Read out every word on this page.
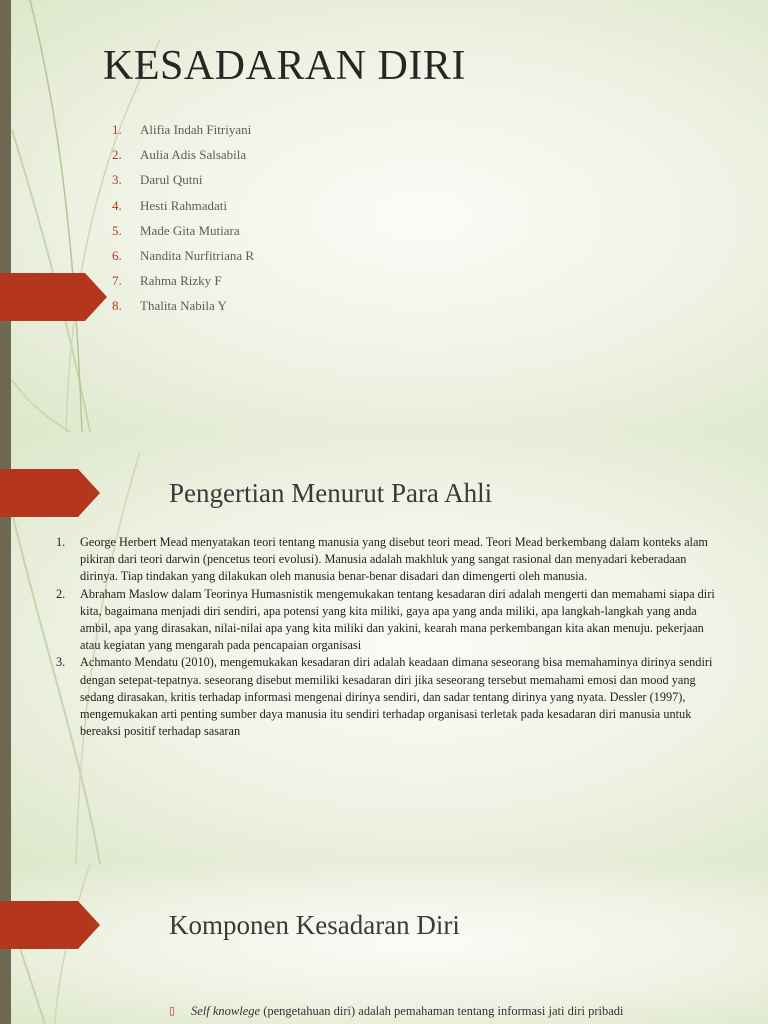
KESADARAN DIRI
1.	Alifia Indah Fitriyani
2.	Aulia Adis Salsabila
3.	Darul Qutni
4.	Hesti Rahmadati
5.	Made Gita Mutiara
6.	Nandita Nurfitriana R
7.	Rahma Rizky F
8.	Thalita Nabila Y
Pengertian Menurut Para Ahli
1.	George Herbert Mead menyatakan teori tentang manusia yang disebut teori mead. Teori Mead berkembang dalam konteks alam pikiran dari teori darwin (pencetus teori evolusi). Manusia adalah makhluk yang sangat rasional dan menyadari keberadaan dirinya. Tiap tindakan yang dilakukan oleh manusia benar-benar disadari dan dimengerti oleh manusia.
2.	Abraham Maslow dalam Teorinya Humasnistik mengemukakan tentang kesadaran diri adalah mengerti dan memahami siapa diri kita, bagaimana menjadi diri sendiri, apa potensi yang kita miliki, gaya apa yang anda miliki, apa langkah-langkah yang anda ambil, apa yang dirasakan, nilai-nilai apa yang kita miliki dan yakini, kearah mana perkembangan kita akan menuju. pekerjaan atau kegiatan yang mengarah pada pencapaian organisasi
3.	Achmanto Mendatu (2010), mengemukakan kesadaran diri adalah keadaan dimana seseorang bisa memahaminya dirinya sendiri dengan setepat-tepatnya. seseorang disebut memiliki kesadaran diri jika seseorang tersebut memahami emosi dan mood yang sedang dirasakan, kritis terhadap informasi mengenai dirinya sendiri, dan sadar tentang dirinya yang nyata. Dessler (1997), mengemukakan arti penting sumber daya manusia itu sendiri terhadap organisasi terletak pada kesadaran diri manusia untuk bereaksi positif terhadap sasaran
Komponen Kesadaran Diri
▯	Self knowlege (pengetahuan diri) adalah pemahaman tentang informasi jati diri pribadi
